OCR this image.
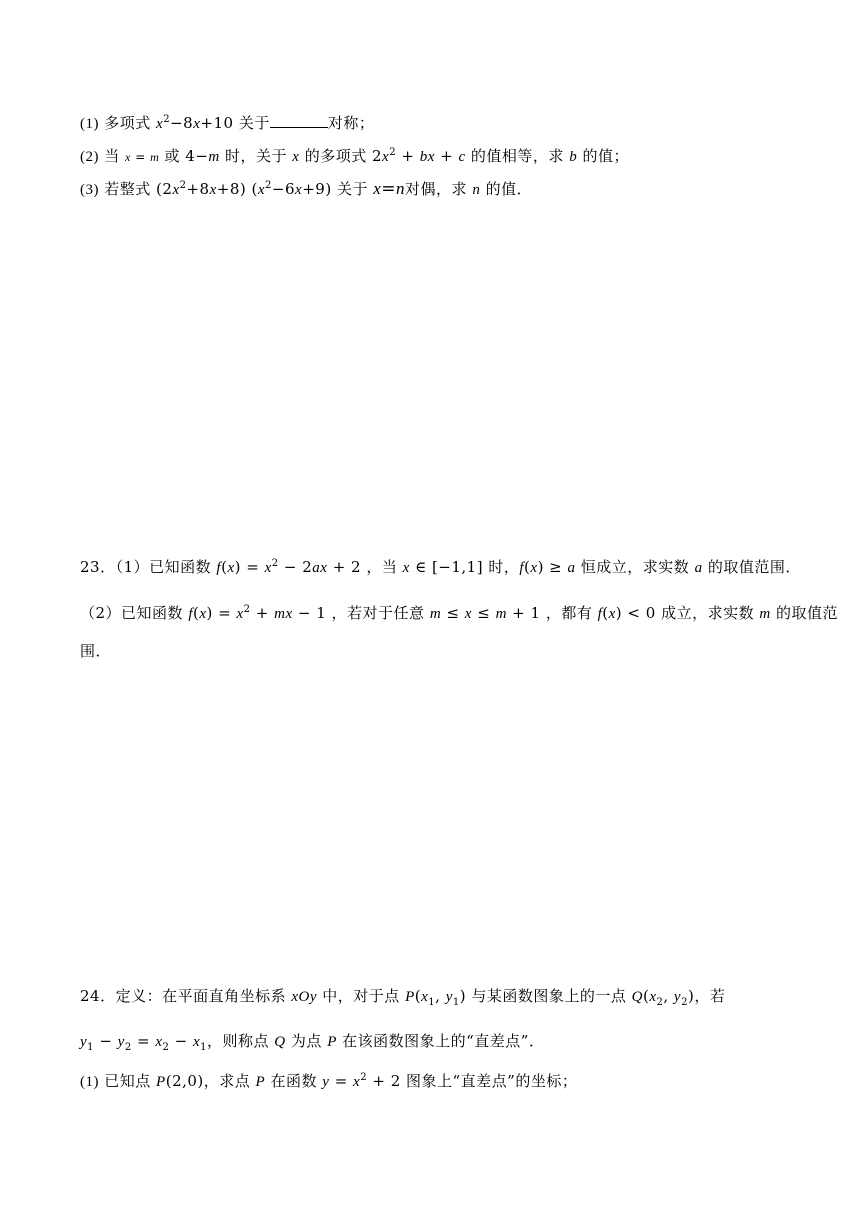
(1) 多项式 $x^2-8x+10$ 关于	对称；
(2) 当 x = m 或 4−m 时，关于 x 的多项式 $2x^2$ + bx + c 的值相等，求 b 的值；
(3) 若整式 $(2x^2+8x+8)$ $(x^2-6x+9)$ 关于 x=n对偶，求 n 的值．
23．（1）已知函数 $f(x) = x^2 - 2ax + 2$ ，当 x ∈ [−1,1] 时，f(x) ≥ a 恒成立，求实数 a 的取值范围．
（2）已知函数 $f(x) = x^2$ + mx − 1 ，若对于任意 m ≤ x ≤ m + 1 ，都有 f(x) < 0 成立，求实数 m 的取值范
围．
24．定义：在平面直角坐标系 xOy 中，对于点 $P(x_1$, $y_1$) 与某函数图象上的一点 $Q(x_2$, $y_2$)，若
$y_1 - y_2 = x_2 - x_1$，则称点 Q 为点 P 在该函数图象上的“直差点”．
(1) 已知点 P(2,0)，求点 P 在函数 $y = x^2 + 2$ 图象上“直差点”的坐标；
